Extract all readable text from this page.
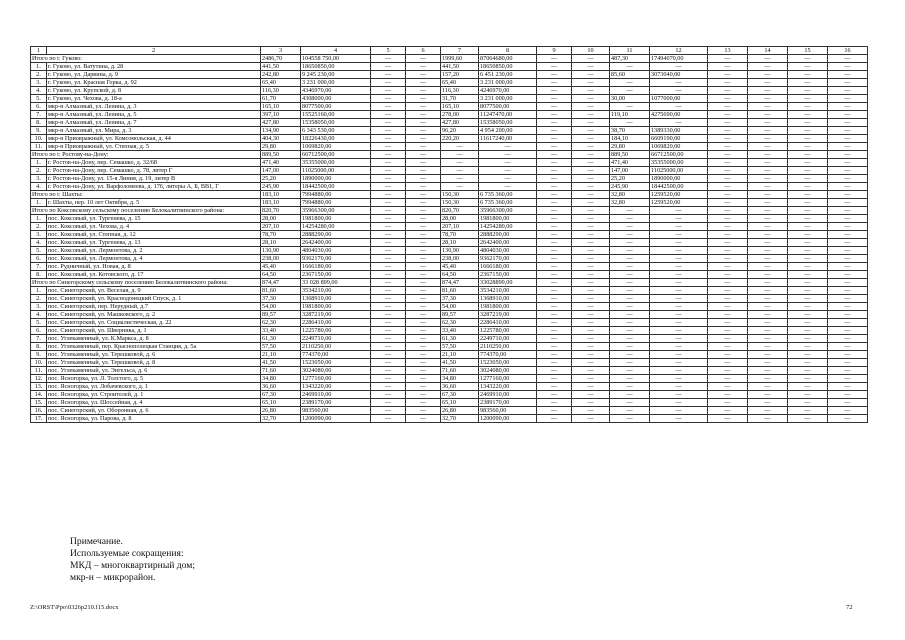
1	2	3	4	5	6	7	8	9	10	11	12	13	14	15	16
Итого по г. Гуково:		2486,70	104558 750,00	—	—	1999,60	87064680,00	—	—	487,30	17494070,00	—	—	—	—
1.	г. Гуково, ул. Ватутина, д. 28	441,50	18650850,00	—	—	441,50	18650850,00	—	—	—	—	—	—	—	—
2.	г. Гуково, ул. Дарвина, д. 9	242,80	9 245 230,00	—	—	157,20	6 451 230,00	—	—	85,60	3073040,00	—	—	—	—
3.	г. Гуково, ул. Красная Горка, д. 92	65,40	3 231 000,00	—	—	65,40	3 231 000,00	—	—	—	—	—	—	—	—
4.	г. Гуково, ул. Крупской, д. 8	116,30	4346970,00	—	—	116,30	4246970,00	—	—	—	—	—	—	—	—
5.	г. Гуково, ул. Чехова, д. 18-а	61,70	4308000,00	—	—	31,70	3 231 000,00	—	—	30,00	1077000,00	—	—	—	—
6.	мкр-н Алмазный, ул. Ленина, д. 3	165,10	8077500,00	—	—	165,10	8077500,00	—	—	—	—	—	—	—	—
7.	мкр-н Алмазный, ул. Ленина, д. 5	397,10	15525160,00	—	—	278,00	11247470,00	—	—	119,10	4275690,00	—	—	—	—
8.	мкр-н Алмазный, ул. Ленина, д. 7	427,80	15358050,00	—	—	427,80	15358050,00	—	—	—	—	—	—	—	—
9.	мкр-н Алмазный, ул. Мира, д. 3	134,90	6 343 530,00	—	—	96,20	4 954 200,00	—	—	38,70	1389330,00	—	—	—	—
10.	мкр-н Приовражный, ул. Комсомольская, д. 44	404,30	18226430,00	—	—	220,20	11617240,00	—	—	184,10	6609190,00	—	—	—	—
11.	мкр-н Приовражный, ул. Степная, д. 5	29,80	1069820,00	—	—	—	—	—	—	29,80	1069820,00	—	—	—	—
Итого по г. Ростову-на-Дону:		889,50	66712500,00	—	—	—	—	—	—	889,50	66712500,00	—	—	—	—
1.	г. Ростов-на-Дону, пер. Семашко, д. 32/68	471,40	35355000,00	—	—	—	—	—	—	471,40	35355000,00	—	—	—	—
2.	г. Ростов-на-Дону, пер. Семашко, д. 78, литер Г	147,00	11025000,00	—	—	—	—	—	—	147,00	11025000,00	—	—	—	—
3.	г. Ростов-на-Дону, ул. 15-я Линия, д. 19, литер В	25,20	1890000,00	—	—	—	—	—	—	25,20	1890000,00	—	—	—	—
4.	г. Ростов-на-Дону, ул. Варфоломеева, д. 176, литеры А, Б, ВВ1, Г	245,90	18442500,00	—	—	—	—	—	—	245,90	18442500,00	—	—	—	—
Итого по г. Шахты:		183,10	7994880,00	—	—	150,30	6 735 360,00	—	—	32,80	1259520,00	—	—	—	—
1.	г. Шахты, пер. 10 лет Октября, д. 5	183,10	7994880,00	—	—	150,30	6 735 360,00	—	—	32,80	1259520,00	—	—	—	—
Итого по Коксовскому сельскому поселению Белокалитвинского района:		820,70	35966300,00	—	—	820,70	35966300,00	—	—	—	—	—	—	—	—
1.	пос. Коксовый, ул. Тургенева, д. 15	28,00	1981800,00	—	—	28,00	1981800,00	—	—	—	—	—	—	—	—
2.	пос. Коксовый, ул. Чехова, д. 4	207,10	14254280,00	—	—	207,10	14254280,00	—	—	—	—	—	—	—	—
3.	пос. Коксовый, ул. Степная, д. 12	78,70	2888290,00	—	—	78,70	2888290,00	—	—	—	—	—	—	—	—
4.	пос. Коксовый, ул. Тургенева, д. 13	28,10	2642400,00	—	—	28,10	2642400,00	—	—	—	—	—	—	—	—
5.	пос. Коксовый, ул. Лермонтова, д. 2	130,90	4804030,00	—	—	130,90	4804030,00	—	—	—	—	—	—	—	—
6.	пос. Коксовый, ул. Лермонтова, д. 4	238,00	9362170,00	—	—	238,00	9362170,00	—	—	—	—	—	—	—	—
7.	пос. Рудничный, ул. Новая, д. 8	45,40	1666180,00	—	—	45,40	1666180,00	—	—	—	—	—	—	—	—
8.	пос. Коксовый, ул. Котовского, д. 17	64,50	2367150,00	—	—	64,50	2367150,00	—	—	—	—	—	—	—	—
Итого по Синегорскому сельскому поселению Белокалитвинского района:		874,47	33 028 899,00	—	—	874,47	33028899,00	—	—	—	—	—	—	—	—
1.	пос. Синегорский, ул. Веселая, д. 9	81,60	3534210,00	—	—	81,60	3534210,00	—	—	—	—	—	—	—	—
2.	пос. Синегорский, ул. Краснодонецкий Спуск, д. 1	37,30	1368910,00	—	—	37,30	1368910,00	—	—	—	—	—	—	—	—
3.	пос. Синегорский, пер. Нерудный, д.7	54,00	1981800,00	—	—	54,00	1981800,00	—	—	—	—	—	—	—	—
4.	пос. Синегорский, ул. Машковского, д. 2	89,57	3287219,00	—	—	89,57	3287219,00	—	—	—	—	—	—	—	—
5.	пос. Синегорский, ул. Социалистическая, д. 22	62,30	2286410,00	—	—	62,30	2286410,00	—	—	—	—	—	—	—	—
6.	пос. Синегорский, ул. Шверника, д. 1	33,40	1225780,00	—	—	33,40	1225780,00	—	—	—	—	—	—	—	—
7.	пос. Углекаменный, ул. К.Маркса, д. 8	61,30	2249710,00	—	—	61,30	2249710,00	—	—	—	—	—	—	—	—
8.	пос. Углекаменный, пер. Краснополецкая Станция, д. 5а	57,50	2110250,00	—	—	57,50	2110250,00	—	—	—	—	—	—	—	—
9.	пос. Углекаменный, ул. Терешковой, д. 6	21,10	774370,00	—	—	21,10	774370,00	—	—	—	—	—	—	—	—
10.	пос. Углекаменный, ул. Терешковой, д. 8	41,50	1523050,00	—	—	41,50	1523050,00	—	—	—	—	—	—	—	—
11.	пос. Углекаменный, ул. Энгельса, д. 6	71,60	3024080,00	—	—	71,60	3024080,00	—	—	—	—	—	—	—	—
12.	пос. Ясногорка, ул. Л. Толстого, д. 5	34,80	1277160,00	—	—	34,80	1277160,00	—	—	—	—	—	—	—	—
13.	пос. Ясногорка, ул. Лобачевского, д. 1	36,60	1343220,00	—	—	36,60	1343220,00	—	—	—	—	—	—	—	—
14.	пос. Ясногорка, ул. Строителей, д. 1	67,30	2469910,00	—	—	67,30	2469910,00	—	—	—	—	—	—	—	—
15.	пос. Ясногорка, ул. Шоссейная, д. 4	65,10	2389170,00	—	—	65,10	2389170,00	—	—	—	—	—	—	—	—
16.	пос. Синегорский, ул. Оборонная, д. 6	26,80	983560,00	—	—	26,80	983560,00	—	—	—	—	—	—	—	—
17.	пос. Ясногорка, ул. Парова, д. 8	32,70	1200090,00	—	—	32,70	1200090,00	—	—	—	—	—	—	—	—
Примечание.
Используемые сокращения:
МКД – многоквартирный дом;
мкр-н – микрорайон.
Z:\ORST\Ppo\0326p210.f15.docx	72
